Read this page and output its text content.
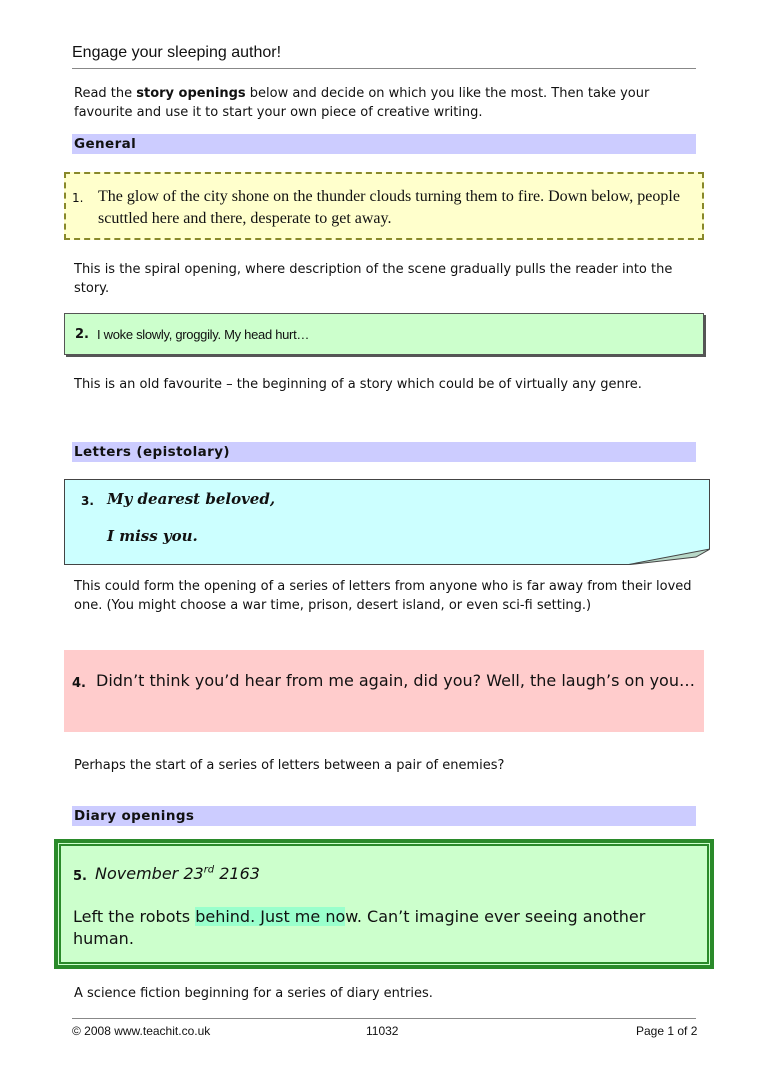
Engage your sleeping author!
Read the story openings below and decide on which you like the most. Then take your favourite and use it to start your own piece of creative writing.
General
1. The glow of the city shone on the thunder clouds turning them to fire. Down below, people scuttled here and there, desperate to get away.
This is the spiral opening, where description of the scene gradually pulls the reader into the story.
2. I woke slowly, groggily. My head hurt…
This is an old favourite – the beginning of a story which could be of virtually any genre.
Letters (epistolary)
3. My dearest beloved,
I miss you.
This could form the opening of a series of letters from anyone who is far away from their loved one. (You might choose a war time, prison, desert island, or even sci-fi setting.)
4. Didn’t think you’d hear from me again, did you? Well, the laugh’s on you…
Perhaps the start of a series of letters between a pair of enemies?
Diary openings
5. November 23rd 2163
Left the robots behind. Just me now. Can’t imagine ever seeing another human.
A science fiction beginning for a series of diary entries.
© 2008 www.teachit.co.uk	11032	Page 1 of 2
